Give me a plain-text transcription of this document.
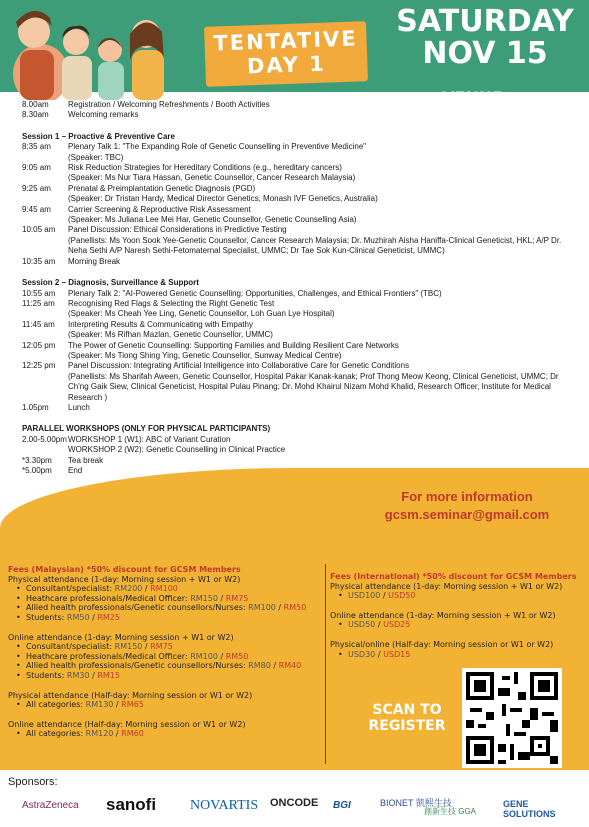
TENTATIVE
DAY 1
SATURDAY
NOV 15
VENUE
HOTEL PERDANA, KL
8.00am	Registration / Welcoming Refreshments / Booth Activities
8.30am	Welcoming remarks
Session 1 – Proactive & Preventive Care
8:35 am	Plenary Talk 1: "The Expanding Role of Genetic Counselling in Preventive Medicine"
(Speaker: TBC)
9:05 am	Risk Reduction Strategies for Hereditary Conditions (e.g., hereditary cancers)
(Speaker: Ms Nur Tiara Hassan, Genetic Counsellor, Cancer Research Malaysia)
9:25 am	Prenatal & Preimplantation Genetic Diagnosis (PGD)
(Speaker: Dr Tristan Hardy, Medical Director Genetics, Monash IVF Genetics, Australia)
9:45 am	Carrier Screening & Reproductive Risk Assessment
(Speaker: Ms Juliana Lee Mei Har, Genetic Counsellor, Genetic Counselling Asia)
10:05 am	Panel Discussion: Ethical Considerations in Predictive Testing
(Panellists: Ms Yoon Sook Yee-Genetic Counsellor, Cancer Research Malaysia; Dr. Muzhirah Aisha Haniffa-Clinical Geneticist, HKL; A/P Dr. Neha Sethi A/P Naresh Sethi-Fetomaternal Specialist, UMMC; Dr Tae Sok Kun-Clinical Geneticist, UMMC)
10:35 am	Morning Break
Session 2 – Diagnosis, Surveillance & Support
10:55 am	Plenary Talk 2: "AI-Powered Genetic Counselling: Opportunities, Challenges, and Ethical Frontiers" (TBC)
11:25 am	Recognising Red Flags & Selecting the Right Genetic Test
(Speaker: Ms Cheah Yee Ling, Genetic Counsellor, Loh Guan Lye Hospital)
11:45 am	Interpreting Results & Communicating with Empathy
(Speaker: Ms Rifhan Mazlan, Genetic Counsellor, UMMC)
12:05 pm	The Power of Genetic Counselling: Supporting Families and Building Resilient Care Networks
(Speaker: Ms Tiong Shing Ying, Genetic Counsellor, Sunway Medical Centre)
12:25 pm	Panel Discussion: Integrating Artificial Intelligence into Collaborative Care for Genetic Conditions
(Panellists: Ms Sharifah Aween, Genetic Counsellor, Hospital Pakar Kanak-kanak; Prof Thong Meow Keong, Clinical Geneticist, UMMC; Dr Ch'ng Gaik Siew, Clinical Geneticist, Hospital Pulau Pinang; Dr. Mohd Khairul Nizam Mohd Khalid, Research Officer, Institute for Medical Research )
1.05pm	Lunch
PARALLEL WORKSHOPS (ONLY FOR PHYSICAL PARTICIPANTS)
2.00-5.00pm WORKSHOP 1 (W1): ABC of Variant Curation
WORKSHOP 2 (W2): Genetic Counselling in Clinical Practice
*3.30pm	Tea break
*5.00pm	End
For more information
gcsm.seminar@gmail.com
Fees (Malaysian) *50% discount for GCSM Members
Physical attendance (1-day: Morning session + W1 or W2)
• Consultant/specialist: RM200 / RM100
• Heathcare professionals/Medical Officer: RM150 / RM75
• Allied health professionals/Genetic counsellors/Nurses: RM100 / RM50
• Students: RM50 / RM25
Online attendance (1-day: Morning session + W1 or W2)
• Consultant/specialist: RM150 / RM75
• Heathcare professionals/Medical Officer: RM100 / RM50
• Allied health professionals/Genetic counsellors/Nurses: RM80 / RM40
• Students: RM30 / RM15
Physical attendance (Half-day: Morning session or W1 or W2)
• All categories: RM130 / RM65
Online attendance (Half-day: Morning session or W1 or W2)
• All categories: RM120 / RM60
Fees (International) *50% discount for GCSM Members
Physical attendance (1-day: Morning session + W1 or W2)
• USD100 / USD50
Online attendance (1-day: Morning session + W1 or W2)
• USD50 / USD25
Physical/online (Half-day: Morning session or W1 or W2)
• USD30 / USD15
SCAN TO
REGISTER
Sponsors:
AstraZeneca sanofi NOVARTIS ONCODE BGI	BIONET 凱熙生技
創新生技 GGA
GENE SOLUTIONS
